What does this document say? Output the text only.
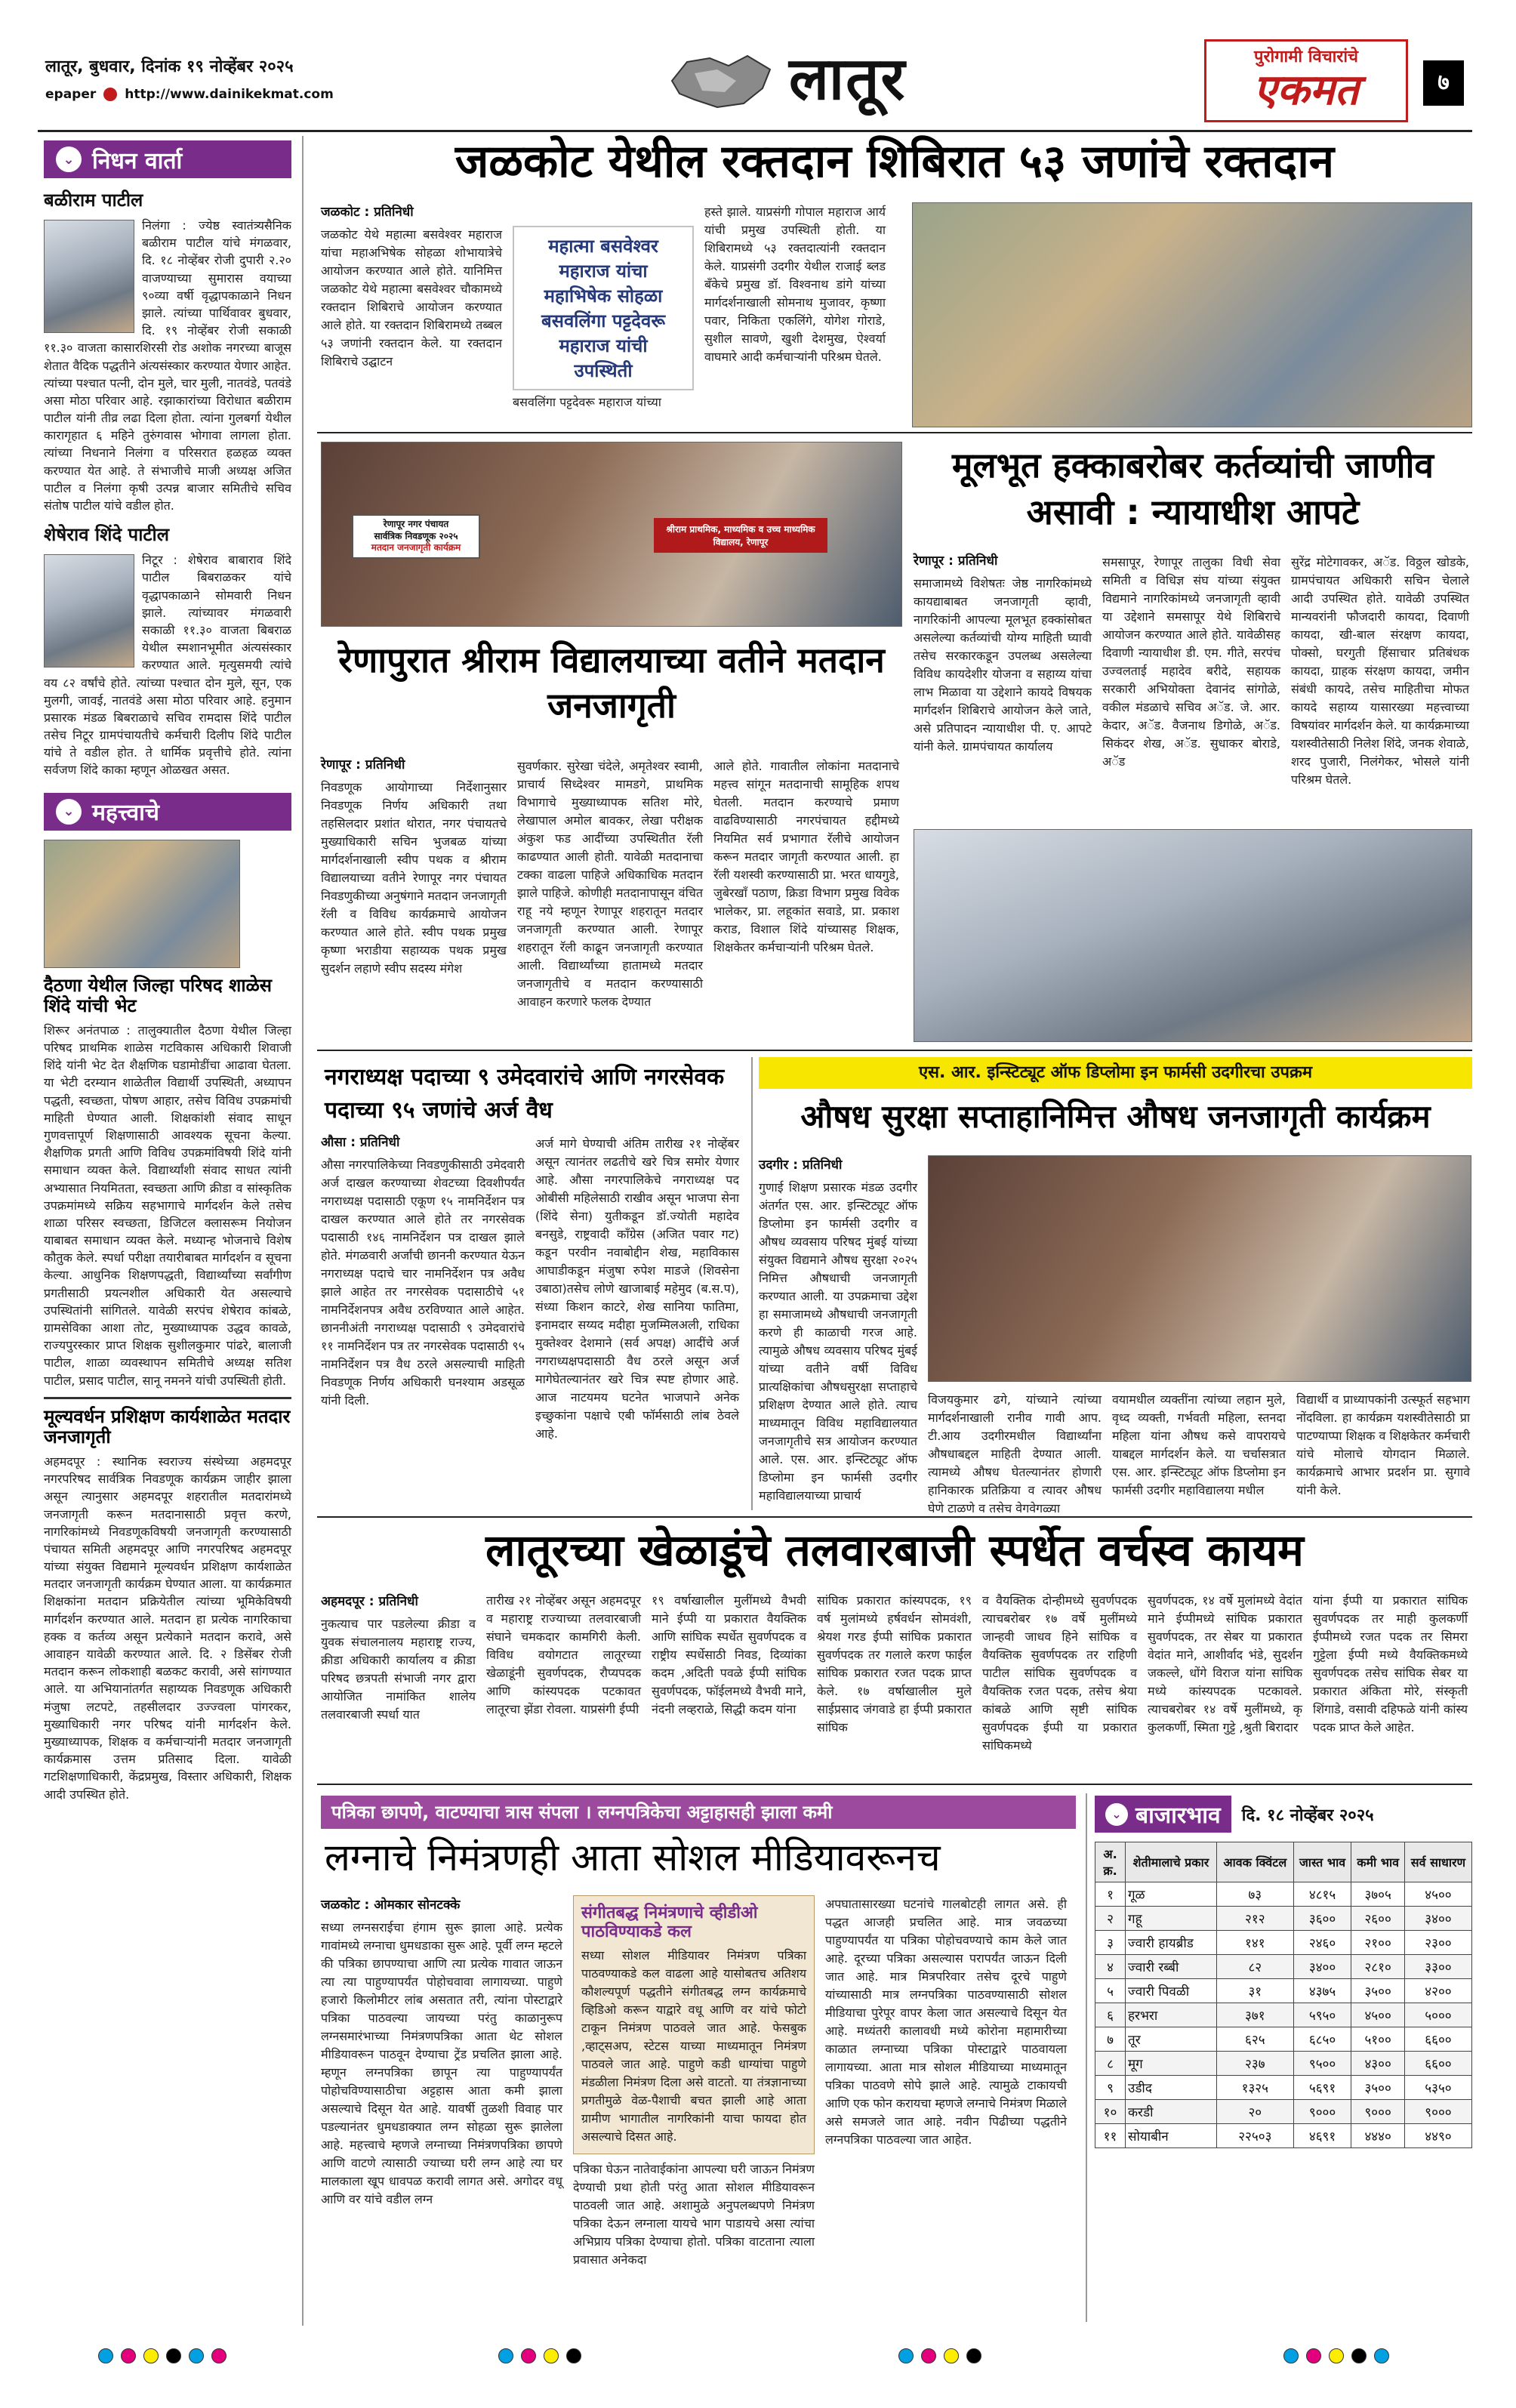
लातूर, बुधवार, दिनांक १९ नोव्हेंबर २०२५
epaper http://www.dainikekmat.com	लातूर	पुरोगामी विचारांचे
एकमत	७
⌄ निधन वार्ता
बळीराम पाटील
निलंगा : ज्येष्ठ स्वातंत्र्यसैनिक बळीराम पाटील यांचे मंगळवार, दि. १८ नोव्हेंबर रोजी दुपारी २.२० वाजण्याच्या सुमारास वयाच्या ९०व्या वर्षी वृद्धापकाळाने निधन झाले. त्यांच्या पार्थिवावर बुधवार, दि. १९ नोव्हेंबर रोजी सकाळी ११.३० वाजता कासारशिरसी रोड अशोक नगरच्या बाजूस शेतात वैदिक पद्धतीने अंत्यसंस्कार करण्यात येणार आहेत. त्यांच्या पश्चात पत्नी, दोन मुले, चार मुली, नातवंडे, पतवंडे असा मोठा परिवार आहे. रझाकारांच्या विरोधात बळीराम पाटील यांनी तीव्र लढा दिला होता. त्यांना गुलबर्गा येथील कारागृहात ६ महिने तुरुंगवास भोगावा लागला होता. त्यांच्या निधनाने निलंगा व परिसरात हळहळ व्यक्त करण्यात येत आहे. ते संभाजीचे माजी अध्यक्ष अजित पाटील व निलंगा कृषी उत्पन्न बाजार समितीचे सचिव संतोष पाटील यांचे वडील होत.
शेषेराव शिंदे पाटील
निटूर : शेषेराव बाबाराव शिंदे पाटील बिबराळकर यांचे वृद्धापकाळाने सोमवारी निधन झाले. त्यांच्यावर मंगळवारी सकाळी ११.३० वाजता बिबराळ येथील स्मशानभूमीत अंत्यसंस्कार करण्यात आले. मृत्युसमयी त्यांचे वय ८२ वर्षांचे होते. त्यांच्या पश्चात दोन मुले, सून, एक मुलगी, जावई, नातवंडे असा मोठा परिवार आहे. हनुमान प्रसारक मंडळ बिबराळाचे सचिव रामदास शिंदे पाटील तसेच निटूर ग्रामपंचायतीचे कर्मचारी दिलीप शिंदे पाटील यांचे ते वडील होत. ते धार्मिक प्रवृत्तीचे होते. त्यांना सर्वजण शिंदे काका म्हणून ओळखत असत.
⌄ महत्त्वाचे
दैठणा येथील जिल्हा परिषद शाळेस शिंदे यांची भेट
शिरूर अनंतपाळ : तालुक्यातील दैठणा येथील जिल्हा परिषद प्राथमिक शाळेस गटविकास अधिकारी शिवाजी शिंदे यांनी भेट देत शैक्षणिक घडामोडींचा आढावा घेतला. या भेटी दरम्यान शाळेतील विद्यार्थी उपस्थिती, अध्यापन पद्धती, स्वच्छता, पोषण आहार, तसेच विविध उपक्रमांची माहिती घेण्यात आली. शिक्षकांशी संवाद साधून गुणवत्तापूर्ण शिक्षणासाठी आवश्यक सूचना केल्या. शैक्षणिक प्रगती आणि विविध उपक्रमांविषयी शिंदे यांनी समाधान व्यक्त केले. विद्यार्थ्यांशी संवाद साधत त्यांनी अभ्यासात नियमितता, स्वच्छता आणि क्रीडा व सांस्कृतिक उपक्रमांमध्ये सक्रिय सहभागाचे मार्गदर्शन केले तसेच शाळा परिसर स्वच्छता, डिजिटल क्लासरूम नियोजन याबाबत समाधान व्यक्त केले. मध्यान्ह भोजनाचे विशेष कौतुक केले. स्पर्धा परीक्षा तयारीबाबत मार्गदर्शन व सूचना केल्या. आधुनिक शिक्षणपद्धती, विद्यार्थ्यांच्या सर्वांगीण प्रगतीसाठी प्रयत्नशील अधिकारी येत असल्याचे उपस्थितांनी सांगितले. यावेळी सरपंच शेषेराव कांबळे, ग्रामसेविका आशा तोट, मुख्याध्यापक उद्धव कावळे, राज्यपुरस्कार प्राप्त शिक्षक सुशीलकुमार पांढरे, बालाजी पाटील, शाळा व्यवस्थापन समितीचे अध्यक्ष सतिश पाटील, प्रसाद पाटील, सानू नमनने यांची उपस्थिती होती.
मूल्यवर्धन प्रशिक्षण कार्यशाळेत मतदार जनजागृती
अहमदपूर : स्थानिक स्वराज्य संस्थेच्या अहमदपूर नगरपरिषद सार्वत्रिक निवडणूक कार्यक्रम जाहीर झाला असून त्यानुसार अहमदपूर शहरातील मतदारांमध्ये जनजागृती करून मतदानासाठी प्रवृत्त करणे, नागरिकांमध्ये निवडणूकविषयी जनजागृती करण्यासाठी पंचायत समिती अहमदपूर आणि नगरपरिषद अहमदपूर यांच्या संयुक्त विद्यमाने मूल्यवर्धन प्रशिक्षण कार्यशाळेत मतदार जनजागृती कार्यक्रम घेण्यात आला. या कार्यक्रमात शिक्षकांना मतदान प्रक्रियेतील त्यांच्या भूमिकेविषयी मार्गदर्शन करण्यात आले. मतदान हा प्रत्येक नागरिकाचा हक्क व कर्तव्य असून प्रत्येकाने मतदान करावे, असे आवाहन यावेळी करण्यात आले. दि. २ डिसेंबर रोजी मतदान करून लोकशाही बळकट करावी, असे सांगण्यात आले. या अभियानांतर्गत सहाय्यक निवडणूक अधिकारी मंजुषा लटपटे, तहसीलदार उज्ज्वला पांगरकर, मुख्याधिकारी नगर परिषद यांनी मार्गदर्शन केले. मुख्याध्यापक, शिक्षक व कर्मचाऱ्यांनी मतदार जनजागृती कार्यक्रमास उत्तम प्रतिसाद दिला. यावेळी गटशिक्षणाधिकारी, केंद्रप्रमुख, विस्तार अधिकारी, शिक्षक आदी उपस्थित होते.
जळकोट येथील रक्तदान शिबिरात ५३ जणांचे रक्तदान
जळकोट : प्रतिनिधी
जळकोट येथे महात्मा बसवेश्वर महाराज यांचा महाअभिषेक सोहळा शोभायात्रेचे आयोजन करण्यात आले होते. यानिमित्त जळकोट येथे महात्मा बसवेश्वर चौकामध्ये रक्तदान शिबिराचे आयोजन करण्यात आले होते. या रक्तदान शिबिरामध्ये तब्बल ५३ जणांनी रक्तदान केले. या रक्तदान शिबिराचे उद्घाटन
महात्मा बसवेश्वर
महाराज यांचा
महाभिषेक सोहळा
बसवलिंगा पट्टदेवरू
महाराज यांची
उपस्थिती
बसवलिंगा पट्टदेवरू महाराज यांच्या
हस्ते झाले. याप्रसंगी गोपाल महाराज आर्य यांची प्रमुख उपस्थिती होती. या शिबिरामध्ये ५३ रक्तदात्यांनी रक्तदान केले. याप्रसंगी उदगीर येथील राजाई ब्लड बँकेचे प्रमुख डॉ. विश्वनाथ डांगे यांच्या मार्गदर्शनाखाली सोमनाथ मुजावर, कृष्णा पवार, निकिता एकलिंगे, योगेश गोराडे, सुशील सावणे, खुशी देशमुख, ऐश्वर्या वाघमारे आदी कर्मचाऱ्यांनी परिश्रम घेतले.
रेणापूर नगर पंचायत
सार्वत्रिक निवडणूक २०२५
मतदान जनजागृती कार्यक्रम
श्रीराम प्राथमिक, माध्यमिक व उच्च माध्यमिक विद्यालय, रेणापूर
रेणापुरात श्रीराम विद्यालयाच्या वतीने मतदान जनजागृती
रेणापूर : प्रतिनिधी
निवडणूक आयोगाच्या निर्देशानुसार निवडणूक निर्णय अधिकारी तथा तहसिलदार प्रशांत थोरात, नगर पंचायतचे मुख्याधिकारी सचिन भुजबळ यांच्या मार्गदर्शनाखाली स्वीप पथक व श्रीराम विद्यालयाच्या वतीने रेणापूर नगर पंचायत निवडणुकीच्या अनुषंगाने मतदान जनजागृती रॅली व विविध कार्यक्रमाचे आयोजन करण्यात आले होते. स्वीप पथक प्रमुख कृष्णा भराडीया सहाय्यक पथक प्रमुख सुदर्शन लहाणे स्वीप सदस्य मंगेश
सुवर्णकार. सुरेखा चंदेले, अमृतेश्वर स्वामी, प्राचार्य सिध्देश्वर मामडगे, प्राथमिक विभागाचे मुख्याध्यापक सतिश मोरे, लेखापाल अमोल बावकर, लेखा परीक्षक अंकुश फड आदींच्या उपस्थितीत रॅली काढण्यात आली होती. यावेळी मतदानाचा टक्का वाढला पाहिजे अधिकाधिक मतदान झाले पाहिजे. कोणीही मतदानापासून वंचित राहू नये म्हणून रेणापूर शहरातून मतदार जनजागृती करण्यात आली. रेणापूर शहरातून रॅली काढून जनजागृती करण्यात आली. विद्यार्थ्यांच्या हातामध्ये मतदार जनजागृतीचे व मतदान करण्यासाठी आवाहन करणारे फलक देण्यात
आले होते. गावातील लोकांना मतदानाचे महत्त्व सांगून मतदानाची सामूहिक शपथ घेतली. मतदान करण्याचे प्रमाण वाढविण्यासाठी नगरपंचायत हद्दीमध्ये नियमित सर्व प्रभागात रॅलीचे आयोजन करून मतदार जागृती करण्यात आली. हा रॅली यशस्वी करण्यासाठी प्रा. भरत धायगुडे, जुबेरखाँ पठाण, क्रिडा विभाग प्रमुख विवेक भालेकर, प्रा. लहूकांत सवाडे, प्रा. प्रकाश कराड, विशाल शिंदे यांच्यासह शिक्षक, शिक्षकेतर कर्मचाऱ्यांनी परिश्रम घेतले.
मूलभूत हक्काबरोबर कर्तव्यांची जाणीव असावी : न्यायाधीश आपटे
रेणापूर : प्रतिनिधी
समाजामध्ये विशेषतः जेष्ठ नागरिकांमध्ये कायद्याबाबत जनजागृती व्हावी, नागरिकांनी आपल्या मूलभूत हक्कांसोबत असलेल्या कर्तव्यांची योग्य माहिती घ्यावी तसेच सरकारकडून उपलब्ध असलेल्या विविध कायदेशीर योजना व सहाय्य यांचा लाभ मिळावा या उद्देशाने कायदे विषयक मार्गदर्शन शिबिराचे आयोजन केले जाते, असे प्रतिपादन न्यायाधीश पी. ए. आपटे यांनी केले. ग्रामपंचायत कार्यालय
समसापूर, रेणापूर तालुका विधी सेवा समिती व विधिज्ञ संघ यांच्या संयुक्त विद्यमाने नागरिकांमध्ये जनजागृती व्हावी या उद्देशाने समसापूर येथे शिबिराचे आयोजन करण्यात आले होते. यावेळीसह दिवाणी न्यायाधीश डी. एम. गीते, सरपंच उज्वलताई महादेव बरीदे, सहायक सरकारी अभियोक्ता देवानंद सांगोळे, वकील मंडळाचे सचिव अॅड. जे. आर. केदार, अॅड. वैजनाथ डिगोळे, अॅड. सिकंदर शेख, अॅड. सुधाकर बोराडे, अॅड
सुरेंद्र मोटेगावकर, अॅड. विठ्ठल खोडके, ग्रामपंचायत अधिकारी सचिन चेलाले आदी उपस्थित होते. यावेळी उपस्थित मान्यवरांनी फौजदारी कायदा, दिवाणी कायदा, खी-बाल संरक्षण कायदा, पोक्सो, घरगुती हिंसाचार प्रतिबंधक कायदा, ग्राहक संरक्षण कायदा, जमीन संबंधी कायदे, तसेच माहितीचा मोफत कायदे सहाय्य यासारख्या महत्त्वाच्या विषयांवर मार्गदर्शन केले. या कार्यक्रमाच्या यशस्वीतेसाठी निलेश शिंदे, जनक शेवाळे, शरद पुजारी, निलंगेकर, भोसले यांनी परिश्रम घेतले.
नगराध्यक्ष पदाच्या ९ उमेदवारांचे आणि नगरसेवक पदाच्या ९५ जणांचे अर्ज वैध
औसा : प्रतिनिधी
औसा नगरपालिकेच्या निवडणुकीसाठी उमेदवारी अर्ज दाखल करण्याच्या शेवटच्या दिवशीपर्यंत नगराध्यक्ष पदासाठी एकूण १५ नामनिर्देशन पत्र दाखल करण्यात आले होते तर नगरसेवक पदासाठी १४६ नामनिर्देशन पत्र दाखल झाले होते. मंगळवारी अर्जांची छाननी करण्यात येऊन नगराध्यक्ष पदाचे चार नामनिर्देशन पत्र अवैध झाले आहेत तर नगरसेवक पदासाठीचे ५१ नामनिर्देशनपत्र अवैध ठरविण्यात आले आहेत. छाननीअंती नगराध्यक्ष पदासाठी ९ उमेदवारांचे ११ नामनिर्देशन पत्र तर नगरसेवक पदासाठी ९५ नामनिर्देशन पत्र वैध ठरले असल्याची माहिती निवडणूक निर्णय अधिकारी घनश्याम अडसूळ यांनी दिली.
अर्ज मागे घेण्याची अंतिम तारीख २१ नोव्हेंबर असून त्यानंतर लढतीचे खरे चित्र समोर येणार आहे. औसा नगरपालिकेचे नगराध्यक्ष पद ओबीसी महिलेसाठी राखीव असून भाजपा सेना (शिंदे सेना) युतीकडून डॉ.ज्योती महादेव बनसुडे, राष्ट्रवादी काँग्रेस (अजित पवार गट) कडून परवीन नवाबोद्दीन शेख, महाविकास आघाडीकडून मंजुषा रुपेश माडजे (शिवसेना उबाठा)तसेच लोणे खाजाबाई महेमुद (ब.स.प), संध्या किशन काटरे, शेख सानिया फातिमा, इनामदार सय्यद मदीहा मुजम्मिलअली, राधिका मुक्तेश्वर देशमाने (सर्व अपक्ष) आदींचे अर्ज नगराध्यक्षपदासाठी वैध ठरले असून अर्ज मागेघेतल्यानंतर खरे चित्र स्पष्ट होणार आहे. आज नाटयमय घटनेत भाजपाने अनेक इच्छुकांना पक्षाचे एबी फॉर्मसाठी लांब ठेवले आहे.
एस. आर. इन्स्टिट्यूट ऑफ डिप्लोमा इन फार्मसी उदगीरचा उपक्रम
औषध सुरक्षा सप्ताहानिमित्त औषध जनजागृती कार्यक्रम
उदगीर : प्रतिनिधी
गुणाई शिक्षण प्रसारक मंडळ उदगीर अंतर्गत एस. आर. इन्स्टिट्यूट ऑफ डिप्लोमा इन फार्मसी उदगीर व औषध व्यवसाय परिषद मुंबई यांच्या संयुक्त विद्यमाने औषध सुरक्षा २०२५ निमित्त औषधाची जनजागृती करण्यात आली. या उपक्रमाचा उद्देश हा समाजामध्ये औषधाची जनजागृती करणे ही काळाची गरज आहे. त्यामुळे औषध व्यवसाय परिषद मुंबई यांच्या वतीने वर्षी विविध प्रात्यक्षिकांचा औषधसुरक्षा सप्ताहाचे प्रशिक्षण देण्यात आले होते. त्याच माध्यमातून विविध महाविद्यालयात जनजागृतीचे सत्र आयोजन करण्यात आले. एस. आर. इन्स्टिट्यूट ऑफ डिप्लोमा इन फार्मसी उदगीर महाविद्यालयाच्या प्राचार्य
विजयकुमार ढगे, यांच्याने त्यांच्या मार्गदर्शनाखाली रानीव गावी आप. टी.आय उदगीरमधील विद्यार्थ्यांना औषधाबद्दल माहिती देण्यात आली. त्यामध्ये औषध घेतल्यानंतर होणारी हानिकारक प्रतिक्रिया व त्यावर औषध घेणे टाळणे व तसेच वेगवेगळ्या
वयामधील व्यक्तींना त्यांच्या लहान मुले, वृध्द व्यक्ती, गर्भवती महिला, स्तनदा महिला यांना औषध कसे वापरायचे याबद्दल मार्गदर्शन केले. या चर्चासत्रात एस. आर. इन्स्टिट्यूट ऑफ डिप्लोमा इन फार्मसी उदगीर महाविद्यालया मधील
विद्यार्थी व प्राध्यापकांनी उत्स्फूर्त सहभाग नोंदविला. हा कार्यक्रम यशस्वीतेसाठी प्रा पाटण्याप्पा शिक्षक व शिक्षकेतर कर्मचारी यांचे मोलाचे योगदान मिळाले. कार्यक्रमाचे आभार प्रदर्शन प्रा. सुगावे यांनी केले.
लातूरच्या खेळाडूंचे तलवारबाजी स्पर्धेत वर्चस्व कायम
अहमदपूर : प्रतिनिधी
नुकत्याच पार पडलेल्या क्रीडा व युवक संचालनालय महाराष्ट्र राज्य, क्रीडा अधिकारी कार्यालय व क्रीडा परिषद छत्रपती संभाजी नगर द्वारा आयोजित नामांकित शालेय तलवारबाजी स्पर्धा यात
तारीख २१ नोव्हेंबर असून अहमदपूर व महाराष्ट्र राज्याच्या तलवारबाजी संघाने चमकदार कामगिरी केली. विविध वयोगटात लातूरच्या खेळाडूंनी सुवर्णपदक, रौप्यपदक आणि कांस्यपदक पटकावत लातूरचा झेंडा रोवला. याप्रसंगी ईप्पी
१९ वर्षाखालील मुलींमध्ये वैभवी माने ईप्पी या प्रकारात वैयक्तिक आणि सांघिक स्पर्धेत सुवर्णपदक व राष्ट्रीय स्पर्धेसाठी निवड, दिव्यांका कदम ,अदिती पवळे ईप्पी सांघिक सुवर्णपदक, फॉईलमध्ये वैभवी माने, नंदनी लव्हराळे, सिद्धी कदम यांना
सांघिक प्रकारात कांस्यपदक, १९ वर्ष मुलांमध्ये हर्षवर्धन सोमवंशी, श्रेयश गरड ईप्पी सांघिक प्रकारात सुवर्णपदक तर गलाले करण फाईल सांघिक प्रकारात रजत पदक प्राप्त केले. १७ वर्षाखालील मुले साईप्रसाद जंगवाडे हा ईप्पी प्रकारात सांघिक
व वैयक्तिक दोन्हीमध्ये सुवर्णपदक त्याचबरोबर १७ वर्षे मुलींमध्ये जान्हवी जाधव हिने सांघिक व वैयक्तिक सुवर्णपदक तर राहिणी पाटील सांघिक सुवर्णपदक व वैयक्तिक रजत पदक, तसेच श्रेया कांबळे आणि सृष्टी सांघिक सुवर्णपदक ईप्पी या प्रकारात सांघिकमध्ये
सुवर्णपदक, १४ वर्षे मुलांमध्ये वेदांत माने ईप्पीमध्ये सांघिक प्रकारात सुवर्णपदक, तर सेबर या प्रकारात वेदांत माने, आशीर्वाद भंडे, सुदर्शन जकल्ले, धोंगे विराज यांना सांघिक मध्ये कांस्यपदक पटकावले. त्याचबरोबर १४ वर्षे मुलींमध्ये, कृ कुलकर्णी, स्मिता गुट्टे ,श्रुती बिरादार
यांना ईप्पी या प्रकारात सांघिक सुवर्णपदक तर माही कुलकर्णी ईप्पीमध्ये रजत पदक तर सिमरा गुट्टेला ईप्पी मध्ये वैयक्तिकमध्ये सुवर्णपदक तसेच सांघिक सेबर या प्रकारात अंकिता मोरे, संस्कृती शिंगाडे, वसावी दहिफळे यांनी कांस्य पदक प्राप्त केले आहेत.
पत्रिका छापणे, वाटण्याचा त्रास संपला । लग्नपत्रिकेचा अट्टाहासही झाला कमी
लग्नाचे निमंत्रणही आता सोशल मीडियावरूनच
जळकोट : ओमकार सोनटक्के
सध्या लग्नसराईचा हंगाम सुरू झाला आहे. प्रत्येक गावांमध्ये लग्नाचा धुमधडाका सुरू आहे. पूर्वी लग्न म्हटले की पत्रिका छापण्याचा आणि त्या प्रत्येक गावात जाऊन त्या त्या पाहुण्यापर्यंत पोहोचवावा लागायच्या. पाहुणे हजारो किलोमीटर लांब असतात तरी, त्यांना पोस्टाद्वारे पत्रिका पाठवल्या जायच्या परंतु काळानुरूप लग्नसमारंभाच्या निमंत्रणपत्रिका आता थेट सोशल मीडियावरून पाठवून देण्याचा ट्रेंड प्रचलित झाला आहे. म्हणून लग्नपत्रिका छापून त्या पाहुण्यापर्यंत पोहोचविण्यासाठीचा अट्टहास आता कमी झाला असल्याचे दिसून येत आहे. यावर्षी तुळशी विवाह पार पडल्यानंतर धुमधडाक्यात लग्न सोहळा सुरू झालेला आहे. महत्त्वाचे म्हणजे लग्नाच्या निमंत्रणपत्रिका छापणे आणि वाटणे त्यासाठी ज्याच्या घरी लग्न आहे त्या घर मालकाला खूप धावपळ करावी लागत असे. अगोदर वधू आणि वर यांचे वडील लग्न
संगीतबद्ध निमंत्रणाचे व्हीडीओ पाठविण्याकडे कल
सध्या सोशल मीडियावर निमंत्रण पत्रिका पाठवण्याकडे कल वाढला आहे यासोबतच अतिशय कौशल्यपूर्ण पद्धतीने संगीतबद्ध लग्न कार्यक्रमाचे व्हिडिओ करून याद्वारे वधू आणि वर यांचे फोटो टाकून निमंत्रण पाठवले जात आहे. फेसबुक ,व्हाट्सअप, स्टेटस याच्या माध्यमातून निमंत्रण पाठवले जात आहे. पाहुणे कडी धाग्यांचा पाहुणे मंडळीला निमंत्रण दिला असे वाटतो. या तंत्रज्ञानाच्या प्रगतीमुळे वेळ-पैशाची बचत झाली आहे आता ग्रामीण भागातील नागरिकांनी याचा फायदा होत असल्याचे दिसत आहे.
पत्रिका घेऊन नातेवाईकांना आपल्या घरी जाऊन निमंत्रण देण्याची प्रथा होती परंतु आता सोशल मीडियावरून पाठवली जात आहे. अशामुळे अनुपलब्धपणे निमंत्रण पत्रिका देऊन लग्नाला यायचे भाग पाडायचे असा त्यांचा अभिप्राय पत्रिका देण्याचा होतो. पत्रिका वाटताना त्याला प्रवासात अनेकदा
अपघातासारख्या घटनांचे गालबोटही लागत असे. ही पद्धत आजही प्रचलित आहे. मात्र जवळच्या पाहुण्यापर्यंत या पत्रिका पोहोचवण्याचे काम केले जात आहे. दूरच्या पत्रिका असल्यास परापर्यंत जाऊन दिली जात आहे. मात्र मित्रपरिवार तसेच दूरचे पाहुणे यांच्यासाठी मात्र लग्नपत्रिका पाठवण्यासाठी सोशल मीडियाचा पुरेपूर वापर केला जात असल्याचे दिसून येत आहे. मध्यंतरी कालावधी मध्ये कोरोना महामारीच्या काळात लग्नाच्या पत्रिका पोस्टाद्वारे पाठवायला लागायच्या. आता मात्र सोशल मीडियाच्या माध्यमातून पत्रिका पाठवणे सोपे झाले आहे. त्यामुळे टाकायची आणि एक फोन करायचा म्हणजे लग्नाचे निमंत्रण मिळाले असे समजले जात आहे. नवीन पिढीच्या पद्धतीने लग्नपत्रिका पाठवल्या जात आहेत.
⌄ बाजारभाव दि. १८ नोव्हेंबर २०२५
अ. क्र.	शेतीमालाचे प्रकार	आवक क्विंटल	जास्त भाव	कमी भाव	सर्व साधारण
१	गूळ	७३	४८१५	३७०५	४५००
२	गहू	२१२	३६००	२६००	३४००
३	ज्वारी हायब्रीड	१४१	२४६०	२१००	२३००
४	ज्वारी रब्बी	८२	३४००	२८१०	३३००
५	ज्वारी पिवळी	३१	४३७५	३५००	४२००
६	हरभरा	३७१	५९५०	४५००	५०००
७	तूर	६२५	६८५०	५१००	६६००
८	मूग	२३७	९५००	४३००	६६००
९	उडीद	१३२५	५६९१	३५००	५३५०
१०	करडी	२०	९०००	९०००	९०००
११	सोयाबीन	२२५०३	४६९१	४४४०	४४९०
